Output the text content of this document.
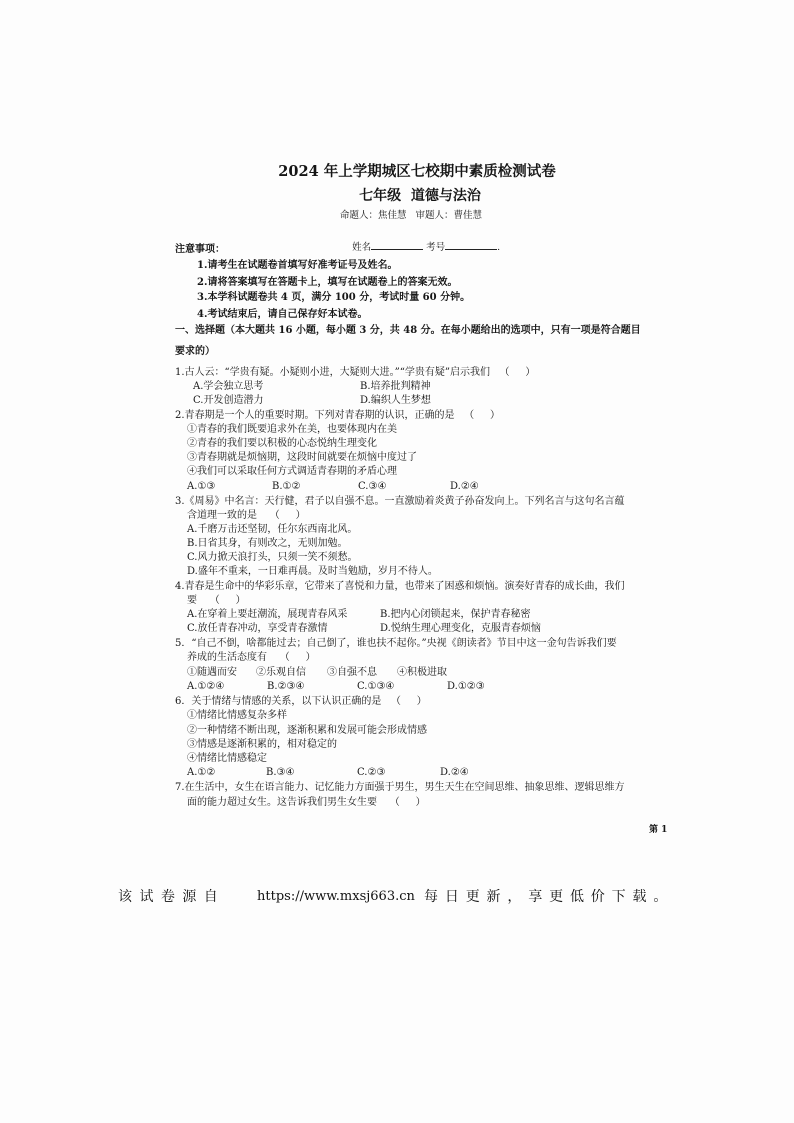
2024 年上学期城区七校期中素质检测试卷
七年级  道德与法治
命题人：焦佳慧   审题人：曹佳慧

姓名	考号	.

注意事项：
1.请考生在试题卷首填写好准考证号及姓名。
2.请将答案填写在答题卡上，填写在试题卷上的答案无效。
3.本学科试题卷共 4 页，满分 100 分，考试时量 60 分钟。
4.考试结束后，请自己保存好本试卷。
一、选择题（本大题共 16 小题，每小题 3 分，共 48 分。在每小题给出的选项中，只有一项是符合题目
要求的）
1.古人云：“学贵有疑。小疑则小进，大疑则大进。”“学贵有疑”启示我们   （     ）
A.学会独立思考	B.培养批判精神
C.开发创造潜力	D.编织人生梦想
2.青春期是一个人的重要时期。下列对青春期的认识，正确的是   （     ）
①青春的我们既要追求外在美，也要体现内在美
②青春的我们要以积极的心态悦纳生理变化
③青春期就是烦恼期，这段时间就要在烦恼中度过了
④我们可以采取任何方式调适青春期的矛盾心理
A.①③	B.①②	C.③④	D.②④
3.《周易》中名言：天行健，君子以自强不息。一直激励着炎黄子孙奋发向上。下列名言与这句名言蕴
含道理一致的是    （     ）
A.千磨万击还坚韧，任尔东西南北风。
B.日省其身，有则改之，无则加勉。
C.风力掀天浪打头，只须一笑不须愁。
D.盛年不重来，一日难再晨。及时当勉励，岁月不待人。
4.青春是生命中的华彩乐章，它带来了喜悦和力量，也带来了困惑和烦恼。演奏好青春的成长曲，我们
要    （     ）
A.在穿着上要赶潮流，展现青春风采	B.把内心闭锁起来，保护青春秘密
C.放任青春冲动，享受青春激情	D.悦纳生理心理变化，克服青春烦恼
5．“自己不倒，啥都能过去；自己倒了，谁也扶不起你。”央视《朗读者》节目中这一金句告诉我们要
养成的生活态度有    （     ）
①随遇而安 ②乐观自信 ③自强不息 ④积极进取
A.①②④	B.②③④	C.①③④	D.①②③
6．关于情绪与情感的关系，以下认识正确的是   （     ）
①情绪比情感复杂多样
②一种情绪不断出现，逐渐积累和发展可能会形成情感
③情感是逐渐积累的，相对稳定的
④情绪比情感稳定
A.①②	B.③④	C.②③	D.②④
7.在生活中，女生在语言能力、记忆能力方面强于男生，男生天生在空间思维、抽象思维、逻辑思维方
面的能力超过女生。这告诉我们男生女生要    （     ）
第 1
该 试 卷 源 自	https://www.mxsj663.cn 每 日 更 新 ， 享 更 低 价 下 载 。
